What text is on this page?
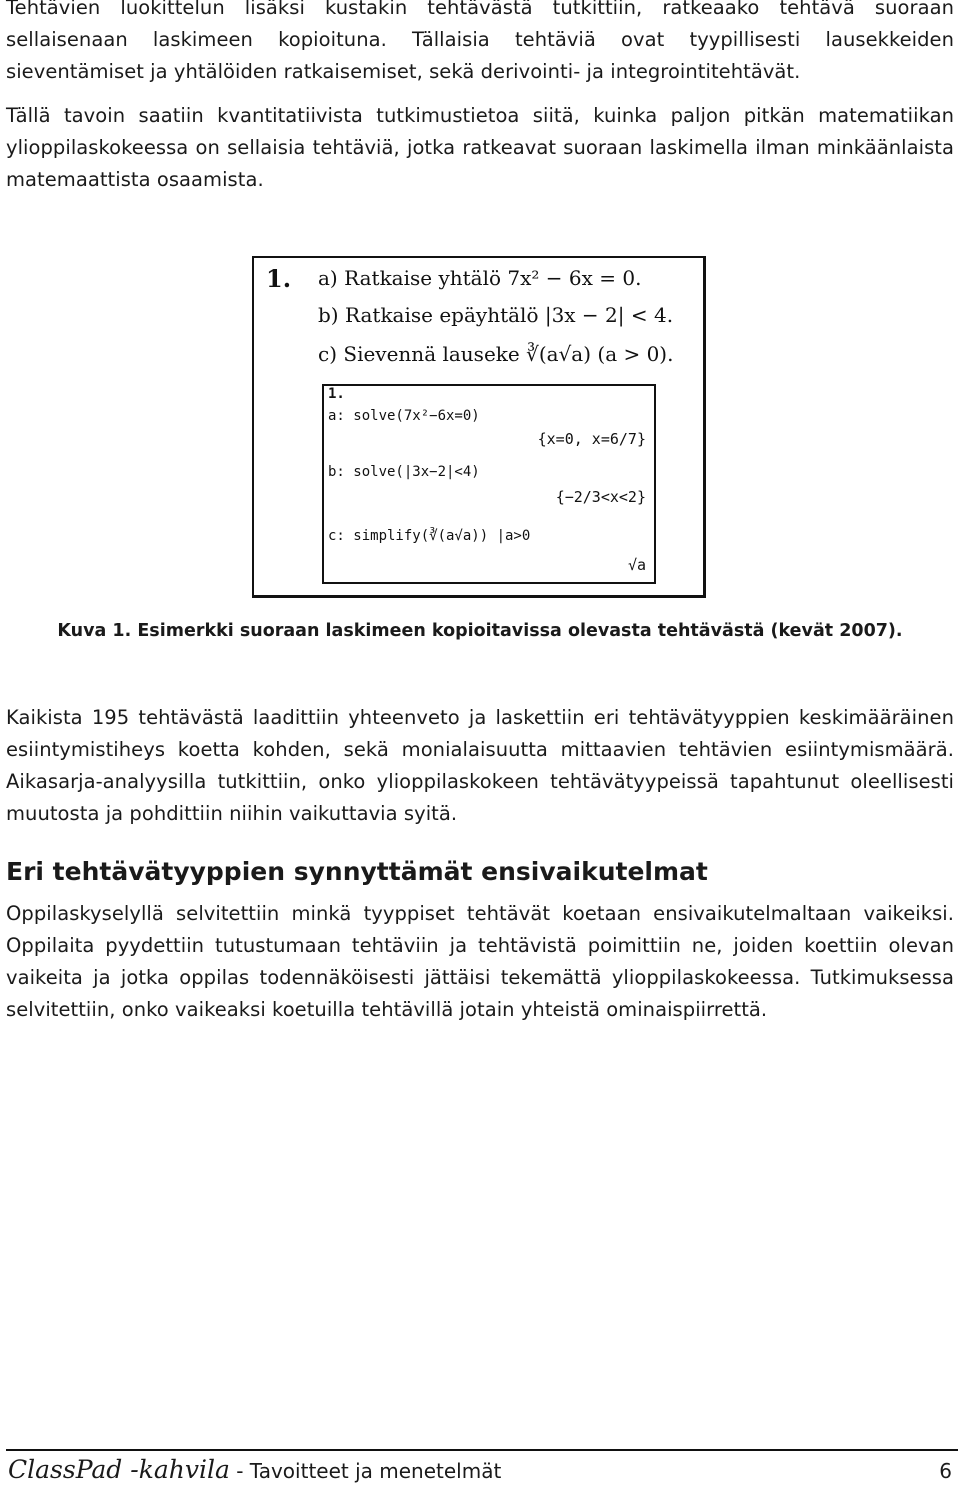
Tehtävien luokittelun lisäksi kustakin tehtävästä tutkittiin, ratkeaako tehtävä suoraan sellaisenaan laskimeen kopioituna. Tällaisia tehtäviä ovat tyypillisesti lausekkeiden sieventämiset ja yhtälöiden ratkaisemiset, sekä derivointi- ja integrointitehtävät.

Tällä tavoin saatiin kvantitatiivista tutkimustietoa siitä, kuinka paljon pitkän matematiikan ylioppilaskokeessa on sellaisia tehtäviä, jotka ratkeavat suoraan laskimella ilman minkäänlaista matemaattista osaamista.

1. a) Ratkaise yhtälö 7x² − 6x = 0.

b) Ratkaise epäyhtälö |3x − 2| < 4.

c) Sievennä lauseke ∛(a√a) (a > 0).

1.

a: solve(7x²−6x=0)

{x=0, x=6/7}

b: solve(|3x−2|<4)

{−2/3<x<2}

c: simplify(∛(a√a)) |a>0

√a

Kuva 1. Esimerkki suoraan laskimeen kopioitavissa olevasta tehtävästä (kevät 2007).

Kaikista 195 tehtävästä laadittiin yhteenveto ja laskettiin eri tehtävätyyppien keskimääräinen esiintymistiheys koetta kohden, sekä monialaisuutta mittaavien tehtävien esiintymismäärä. Aikasarja-analyysilla tutkittiin, onko ylioppilaskokeen tehtävätyypeissä tapahtunut oleellisesti muutosta ja pohdittiin niihin vaikuttavia syitä.

Eri tehtävätyyppien synnyttämät ensivaikutelmat

Oppilaskyselyllä selvitettiin minkä tyyppiset tehtävät koetaan ensivaikutelmaltaan vaikeiksi. Oppilaita pyydettiin tutustumaan tehtäviin ja tehtävistä poimittiin ne, joiden koettiin olevan vaikeita ja jotka oppilas todennäköisesti jättäisi tekemättä ylioppilaskokeessa. Tutkimuksessa selvitettiin, onko vaikeaksi koetuilla tehtävillä jotain yhteistä ominaispiirrettä.

ClassPad -kahvila - Tavoitteet ja menetelmät	6
